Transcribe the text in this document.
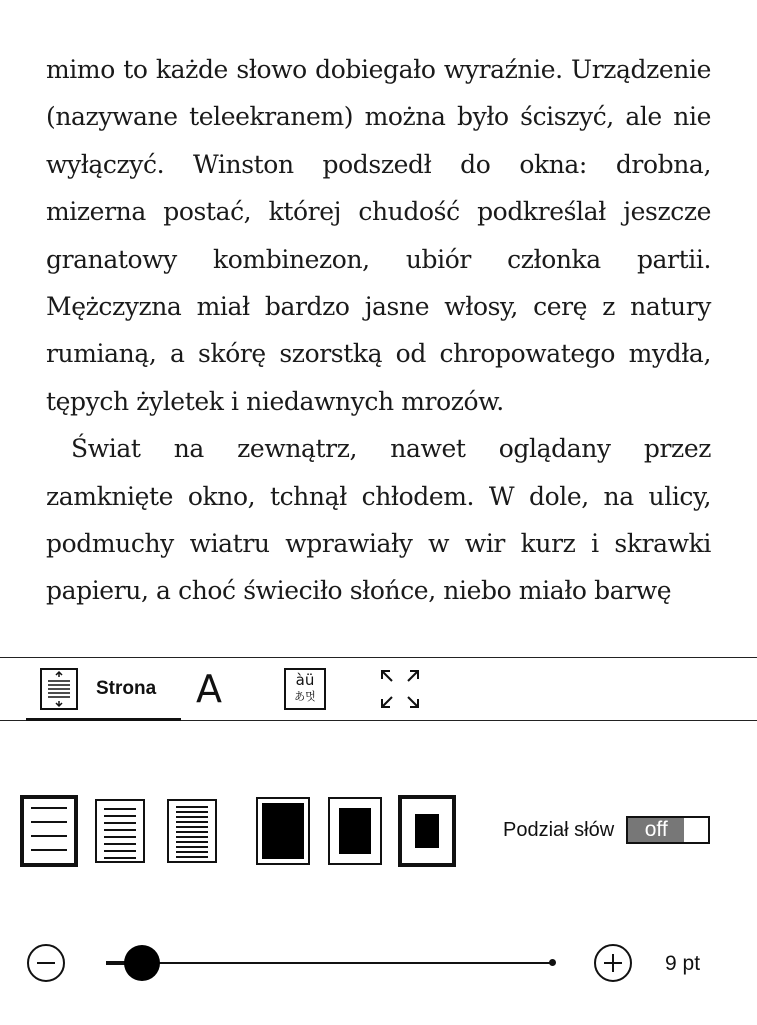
mimo to każde słowo dobiegało wyraźnie. Urządzenie (nazywane teleekranem) można było ściszyć, ale nie wyłączyć. Winston podszedł do okna: drobna, mizerna postać, której chudość podkreślał jeszcze granatowy kombinezon, ubiór członka partii. Mężczyzna miał bardzo jasne włosy, cerę z natury rumianą, a skórę szorstką od chropowatego mydła, tępych żyletek i niedawnych mrozów.

Świat na zewnątrz, nawet oglądany przez zamknięte okno, tchnął chłodem. W dole, na ulicy, podmuchy wiatru wprawiały w wir kurz i skrawki papieru, a choć świeciło słońce, niebo miało barwę

Strona A	àü
あ멋
Podział słów	off
9 pt
